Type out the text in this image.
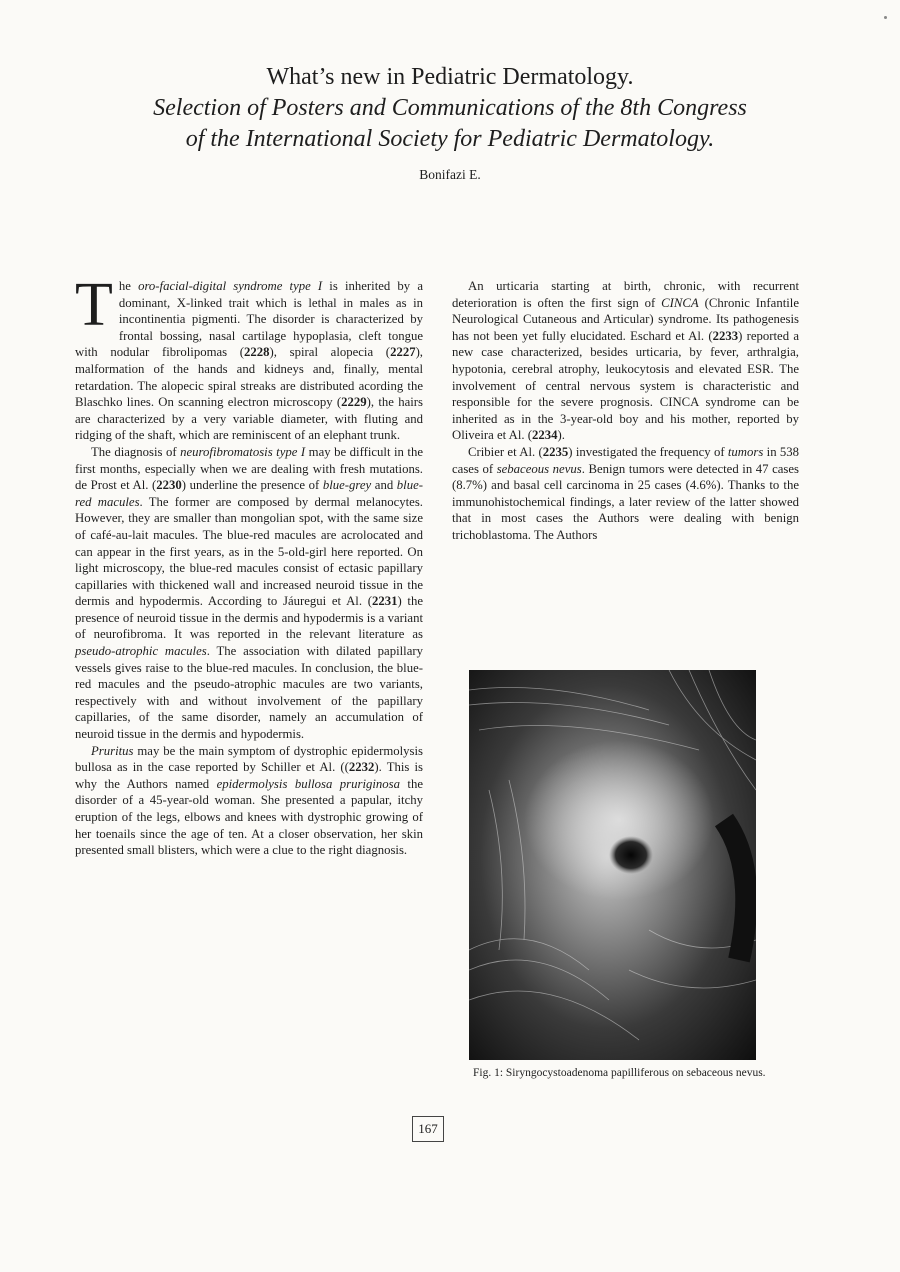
What’s new in Pediatric Dermatology.
Selection of Posters and Communications of the 8th Congress
of the International Society for Pediatric Dermatology.
Bonifazi E.

The oro-facial-digital syndrome type I is inherited by a dominant, X-linked trait which is lethal in males as in incontinentia pigmenti. The disorder is characterized by frontal bossing, nasal cartilage hypoplasia, cleft tongue with nodular fibrolipomas (2228), spiral alopecia (2227), malformation of the hands and kidneys and, finally, mental retardation. The alopecic spiral streaks are distributed acording the Blaschko lines. On scanning electron microscopy (2229), the hairs are characterized by a very variable diameter, with fluting and ridging of the shaft, which are reminiscent of an elephant trunk.

The diagnosis of neurofibromatosis type I may be difficult in the first months, especially when we are dealing with fresh mutations. de Prost et Al. (2230) underline the presence of blue-grey and blue-red macules. The former are composed by dermal melanocytes. However, they are smaller than mongolian spot, with the same size of café-au-lait macules. The blue-red macules are acrolocated and can appear in the first years, as in the 5-old-girl here reported. On light microscopy, the blue-red macules consist of ectasic papillary capillaries with thickened wall and increased neuroid tissue in the dermis and hypodermis. According to Jáuregui et Al. (2231) the presence of neuroid tissue in the dermis and hypodermis is a variant of neurofibroma. It was reported in the relevant literature as pseudo-atrophic macules. The association with dilated papillary vessels gives raise to the blue-red macules. In conclusion, the blue-red macules and the pseudo-atrophic macules are two variants, respectively with and without involvement of the papillary capillaries, of the same disorder, namely an accumulation of neuroid tissue in the dermis and hypodermis.

Pruritus may be the main symptom of dystrophic epidermolysis bullosa as in the case reported by Schiller et Al. ((2232). This is why the Authors named epidermolysis bullosa pruriginosa the disorder of a 45-year-old woman. She presented a papular, itchy eruption of the legs, elbows and knees with dystrophic growing of her toenails since the age of ten. At a closer observation, her skin presented small blisters, which were a clue to the right diagnosis.

An urticaria starting at birth, chronic, with recurrent deterioration is often the first sign of CINCA (Chronic Infantile Neurological Cutaneous and Articular) syndrome. Its pathogenesis has not been yet fully elucidated. Eschard et Al. (2233) reported a new case characterized, besides urticaria, by fever, arthralgia, hypotonia, cerebral atrophy, leukocytosis and elevated ESR. The involvement of central nervous system is characteristic and responsible for the severe prognosis. CINCA syndrome can be inherited as in the 3-year-old boy and his mother, reported by Oliveira et Al. (2234).

Cribier et Al. (2235) investigated the frequency of tumors in 538 cases of sebaceous nevus. Benign tumors were detected in 47 cases (8.7%) and basal cell carcinoma in 25 cases (4.6%). Thanks to the immunohistochemical findings, a later review of the latter showed that in most cases the Authors were dealing with benign trichoblastoma. The Authors

Fig. 1: Siryngocystoadenoma papilliferous on sebaceous nevus.
167
